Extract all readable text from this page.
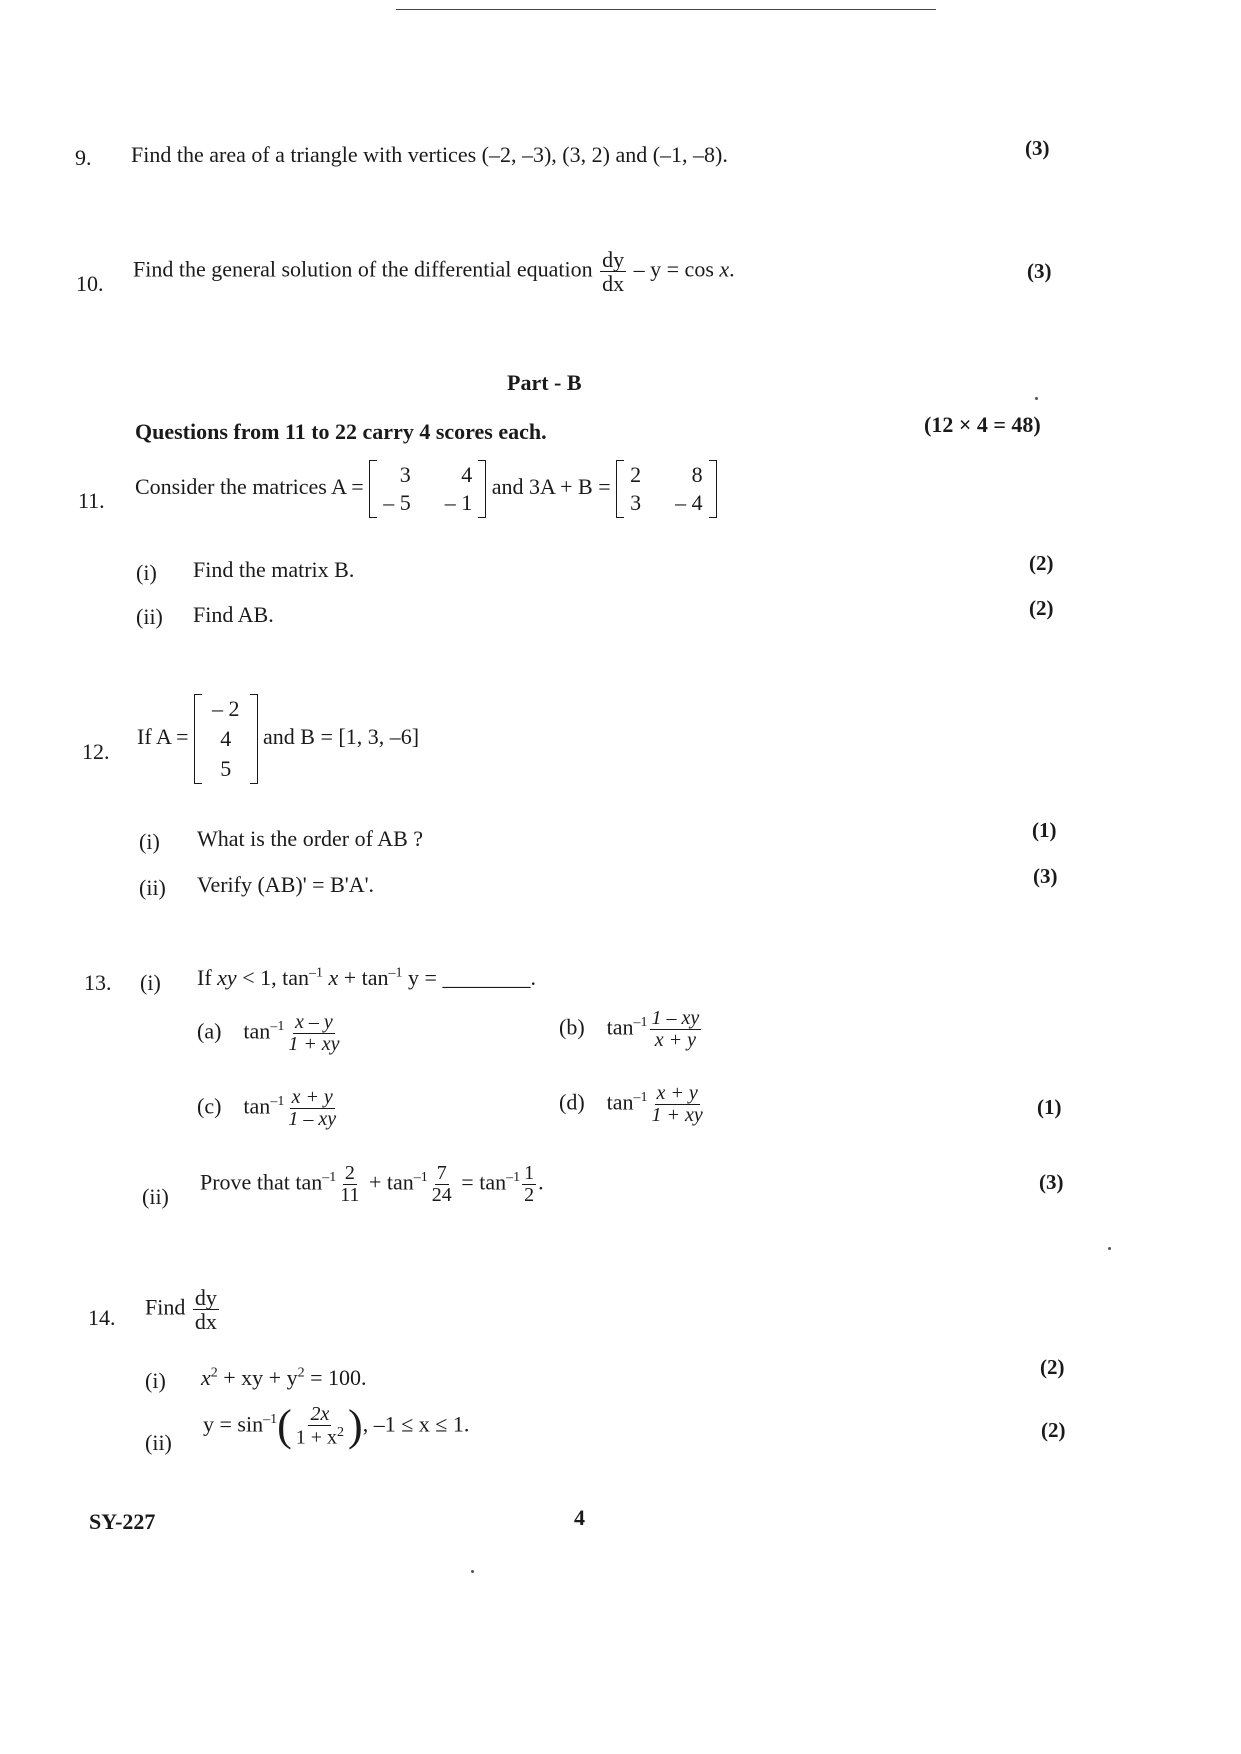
9. Find the area of a triangle with vertices (–2, –3), (3, 2) and (–1, –8).	(3)
10.
Find the general solution of the differential equation $\frac{dy}{dx} - y = \cos x$.	(3)
Part - B
Questions from 11 to 22 carry 4 scores each.	(12 × 4 = 48)
11.
Consider the matrices A =	3	4
– 5 – 1
and 3A + B = 2	8
3 – 4
(i) Find the matrix B.	(2)
(ii) Find AB.	(2)
12.
If A =
– 2
4
5
and B = [1, 3, –6]
(i) What is the order of AB ?	(1)
(ii) Verify (AB)' = B'A'.	(3)
13. (i) If xy < 1, $\tan^{-1} x + \tan^{-1} y$ = ________.
(a) $\tan^{-1} \frac{x - y}{1 + xy}$	(b) $\tan^{-1} \frac{1 - xy}{x + y}$
(c) $\tan^{-1} \frac{x + y}{1 - xy}$	(d) $\tan^{-1} \frac{x + y}{1 + xy}$	(1)
(ii)
Prove that $\tan^{-1} \frac{2}{11} + \tan^{-1} \frac{7}{24} = \tan^{-1} \frac{1}{2}$ .	(3)
14. Find $\frac{dy}{dx}$
(i) $x^2$ + xy + $y^2 = 100$.	(2)
(ii)
$y = \sin^{-1}( \frac{2x}{1 + x^2}$ ), –1 ≤ x ≤ 1.	(2)
SY-227	4
